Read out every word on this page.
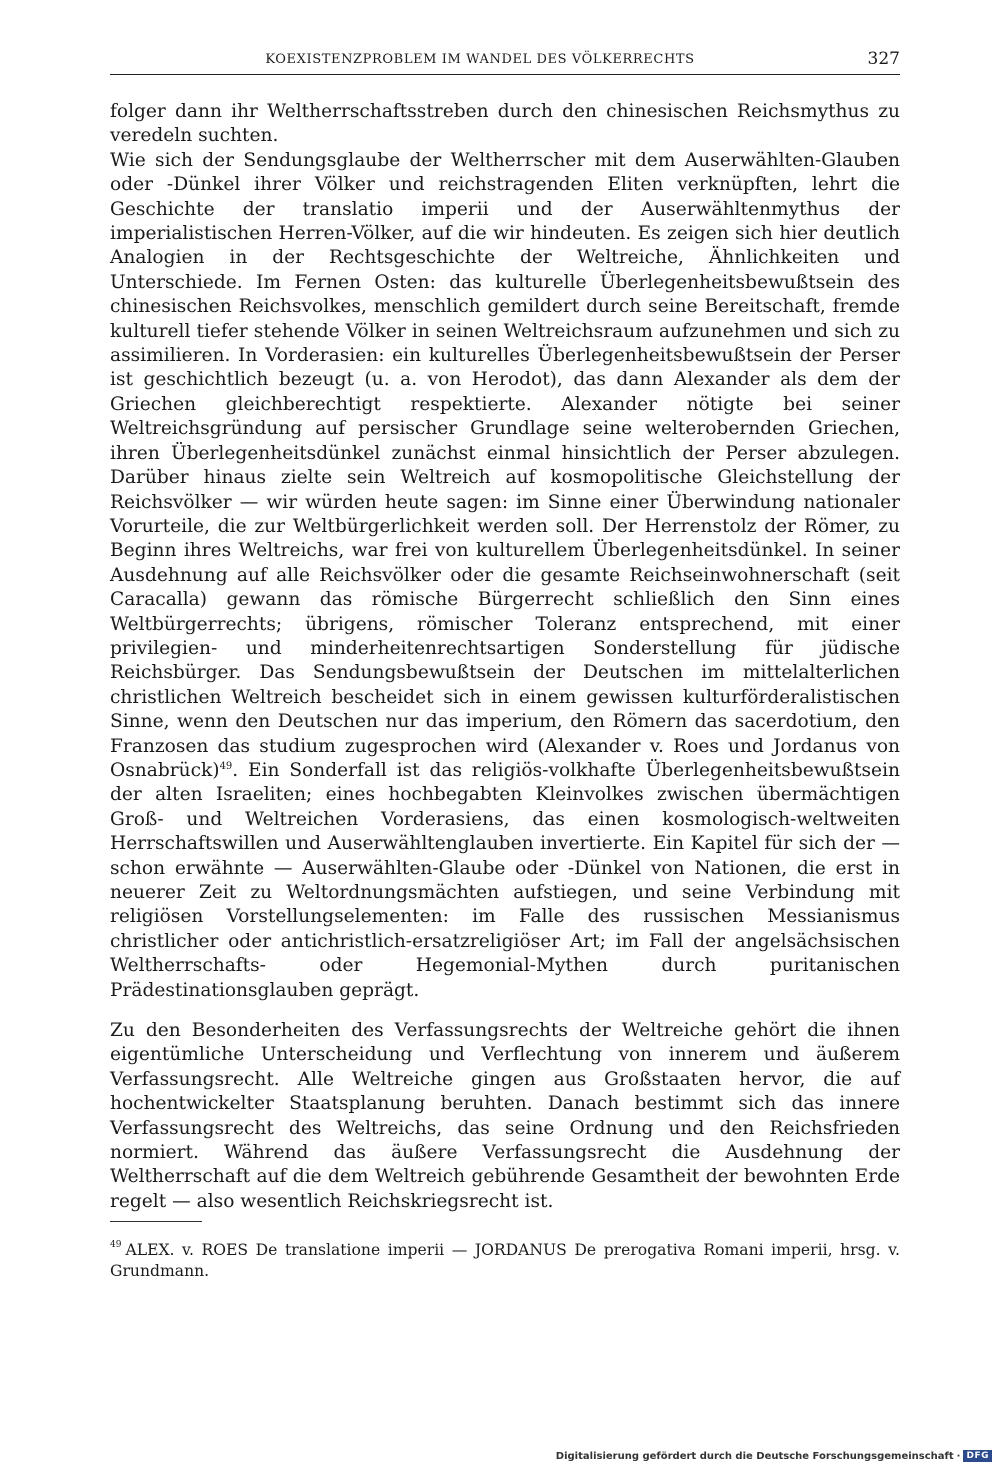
KOEXISTENZPROBLEM IM WANDEL DES VÖLKERRECHTS	327

folger dann ihr Weltherrschaftsstreben durch den chinesischen Reichsmythus zu veredeln suchten.

Wie sich der Sendungsglaube der Weltherrscher mit dem Auserwählten-Glauben oder -Dünkel ihrer Völker und reichstragenden Eliten verknüpften, lehrt die Geschichte der translatio imperii und der Auserwähltenmythus der imperialistischen Herren-Völker, auf die wir hindeuten. Es zeigen sich hier deutlich Analogien in der Rechtsgeschichte der Weltreiche, Ähnlichkeiten und Unterschiede. Im Fernen Osten: das kulturelle Überlegenheitsbewußtsein des chinesischen Reichsvolkes, menschlich gemildert durch seine Bereitschaft, fremde kulturell tiefer stehende Völker in seinen Weltreichsraum aufzunehmen und sich zu assimilieren. In Vorderasien: ein kulturelles Überlegenheitsbewußtsein der Perser ist geschichtlich bezeugt (u. a. von Herodot), das dann Alexander als dem der Griechen gleichberechtigt respektierte. Alexander nötigte bei seiner Weltreichsgründung auf persischer Grundlage seine welterobernden Griechen, ihren Überlegenheitsdünkel zunächst einmal hinsichtlich der Perser abzulegen. Darüber hinaus zielte sein Weltreich auf kosmopolitische Gleichstellung der Reichsvölker — wir würden heute sagen: im Sinne einer Überwindung nationaler Vorurteile, die zur Weltbürgerlichkeit werden soll. Der Herrenstolz der Römer, zu Beginn ihres Weltreichs, war frei von kulturellem Überlegenheitsdünkel. In seiner Ausdehnung auf alle Reichsvölker oder die gesamte Reichseinwohnerschaft (seit Caracalla) gewann das römische Bürgerrecht schließlich den Sinn eines Weltbürgerrechts; übrigens, römischer Toleranz entsprechend, mit einer privilegien- und minderheitenrechtsartigen Sonderstellung für jüdische Reichsbürger. Das Sendungsbewußtsein der Deutschen im mittelalterlichen christlichen Weltreich bescheidet sich in einem gewissen kulturförderalistischen Sinne, wenn den Deutschen nur das imperium, den Römern das sacerdotium, den Franzosen das studium zugesprochen wird (Alexander v. Roes und Jordanus von Osnabrück)$^{49}$. Ein Sonderfall ist das religiös-volkhafte Überlegenheitsbewußtsein der alten Israeliten; eines hochbegabten Kleinvolkes zwischen übermächtigen Groß- und Weltreichen Vorderasiens, das einen kosmologisch-weltweiten Herrschaftswillen und Auserwähltenglauben invertierte. Ein Kapitel für sich der — schon erwähnte — Auserwählten-Glaube oder -Dünkel von Nationen, die erst in neuerer Zeit zu Weltordnungsmächten aufstiegen, und seine Verbindung mit religiösen Vorstellungselementen: im Falle des russischen Messianismus christlicher oder antichristlich-ersatzreligiöser Art; im Fall der angelsächsischen Weltherrschafts- oder Hegemonial-Mythen durch puritanischen Prädestinationsglauben geprägt.

Zu den Besonderheiten des Verfassungsrechts der Weltreiche gehört die ihnen eigentümliche Unterscheidung und Verflechtung von innerem und äußerem Verfassungsrecht. Alle Weltreiche gingen aus Großstaaten hervor, die auf hochentwickelter Staatsplanung beruhten. Danach bestimmt sich das innere Verfassungsrecht des Weltreichs, das seine Ordnung und den Reichsfrieden normiert. Während das äußere Verfassungsrecht die Ausdehnung der Weltherrschaft auf die dem Weltreich gebührende Gesamtheit der bewohnten Erde regelt — also wesentlich Reichskriegsrecht ist.

$^{49}$ ALEX. v. ROES De translatione imperii — JORDANUS De prerogativa Romani imperii, hrsg. v. Grundmann.
Digitalisierung gefördert durch die Deutsche Forschungsgemeinschaft · DFG
